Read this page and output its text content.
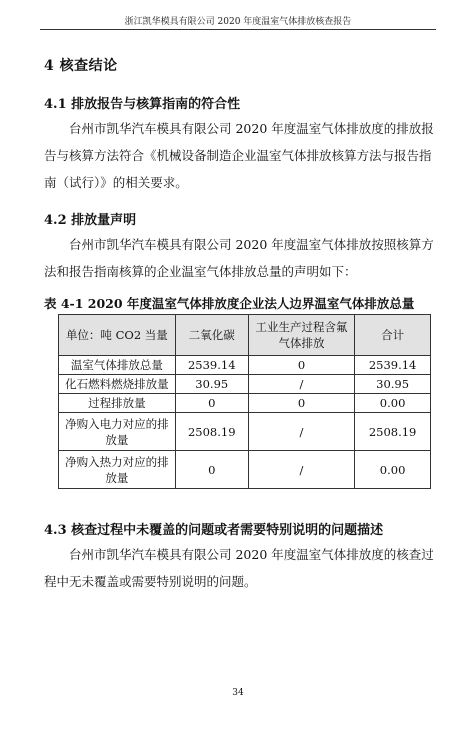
浙江凯华模具有限公司 2020 年度温室气体排放核查报告
4 核查结论
4.1 排放报告与核算指南的符合性
台州市凯华汽车模具有限公司 2020 年度温室气体排放度的排放报告与核算方法符合《机械设备制造企业温室气体排放核算方法与报告指南（试行）》的相关要求。
4.2 排放量声明
台州市凯华汽车模具有限公司 2020 年度温室气体排放按照核算方法和报告指南核算的企业温室气体排放总量的声明如下：
表 4-1 2020 年度温室气体排放度企业法人边界温室气体排放总量
单位：吨 CO2 当量	二氧化碳	工业生产过程含氟气体排放	合计
温室气体排放总量	2539.14	0	2539.14
化石燃料燃烧排放量	30.95	/	30.95
过程排放量	0	0	0.00
净购入电力对应的排放量	2508.19	/	2508.19
净购入热力对应的排放量	0	/	0.00
4.3 核查过程中未覆盖的问题或者需要特别说明的问题描述
台州市凯华汽车模具有限公司 2020 年度温室气体排放度的核查过程中无未覆盖或需要特别说明的问题。
34
